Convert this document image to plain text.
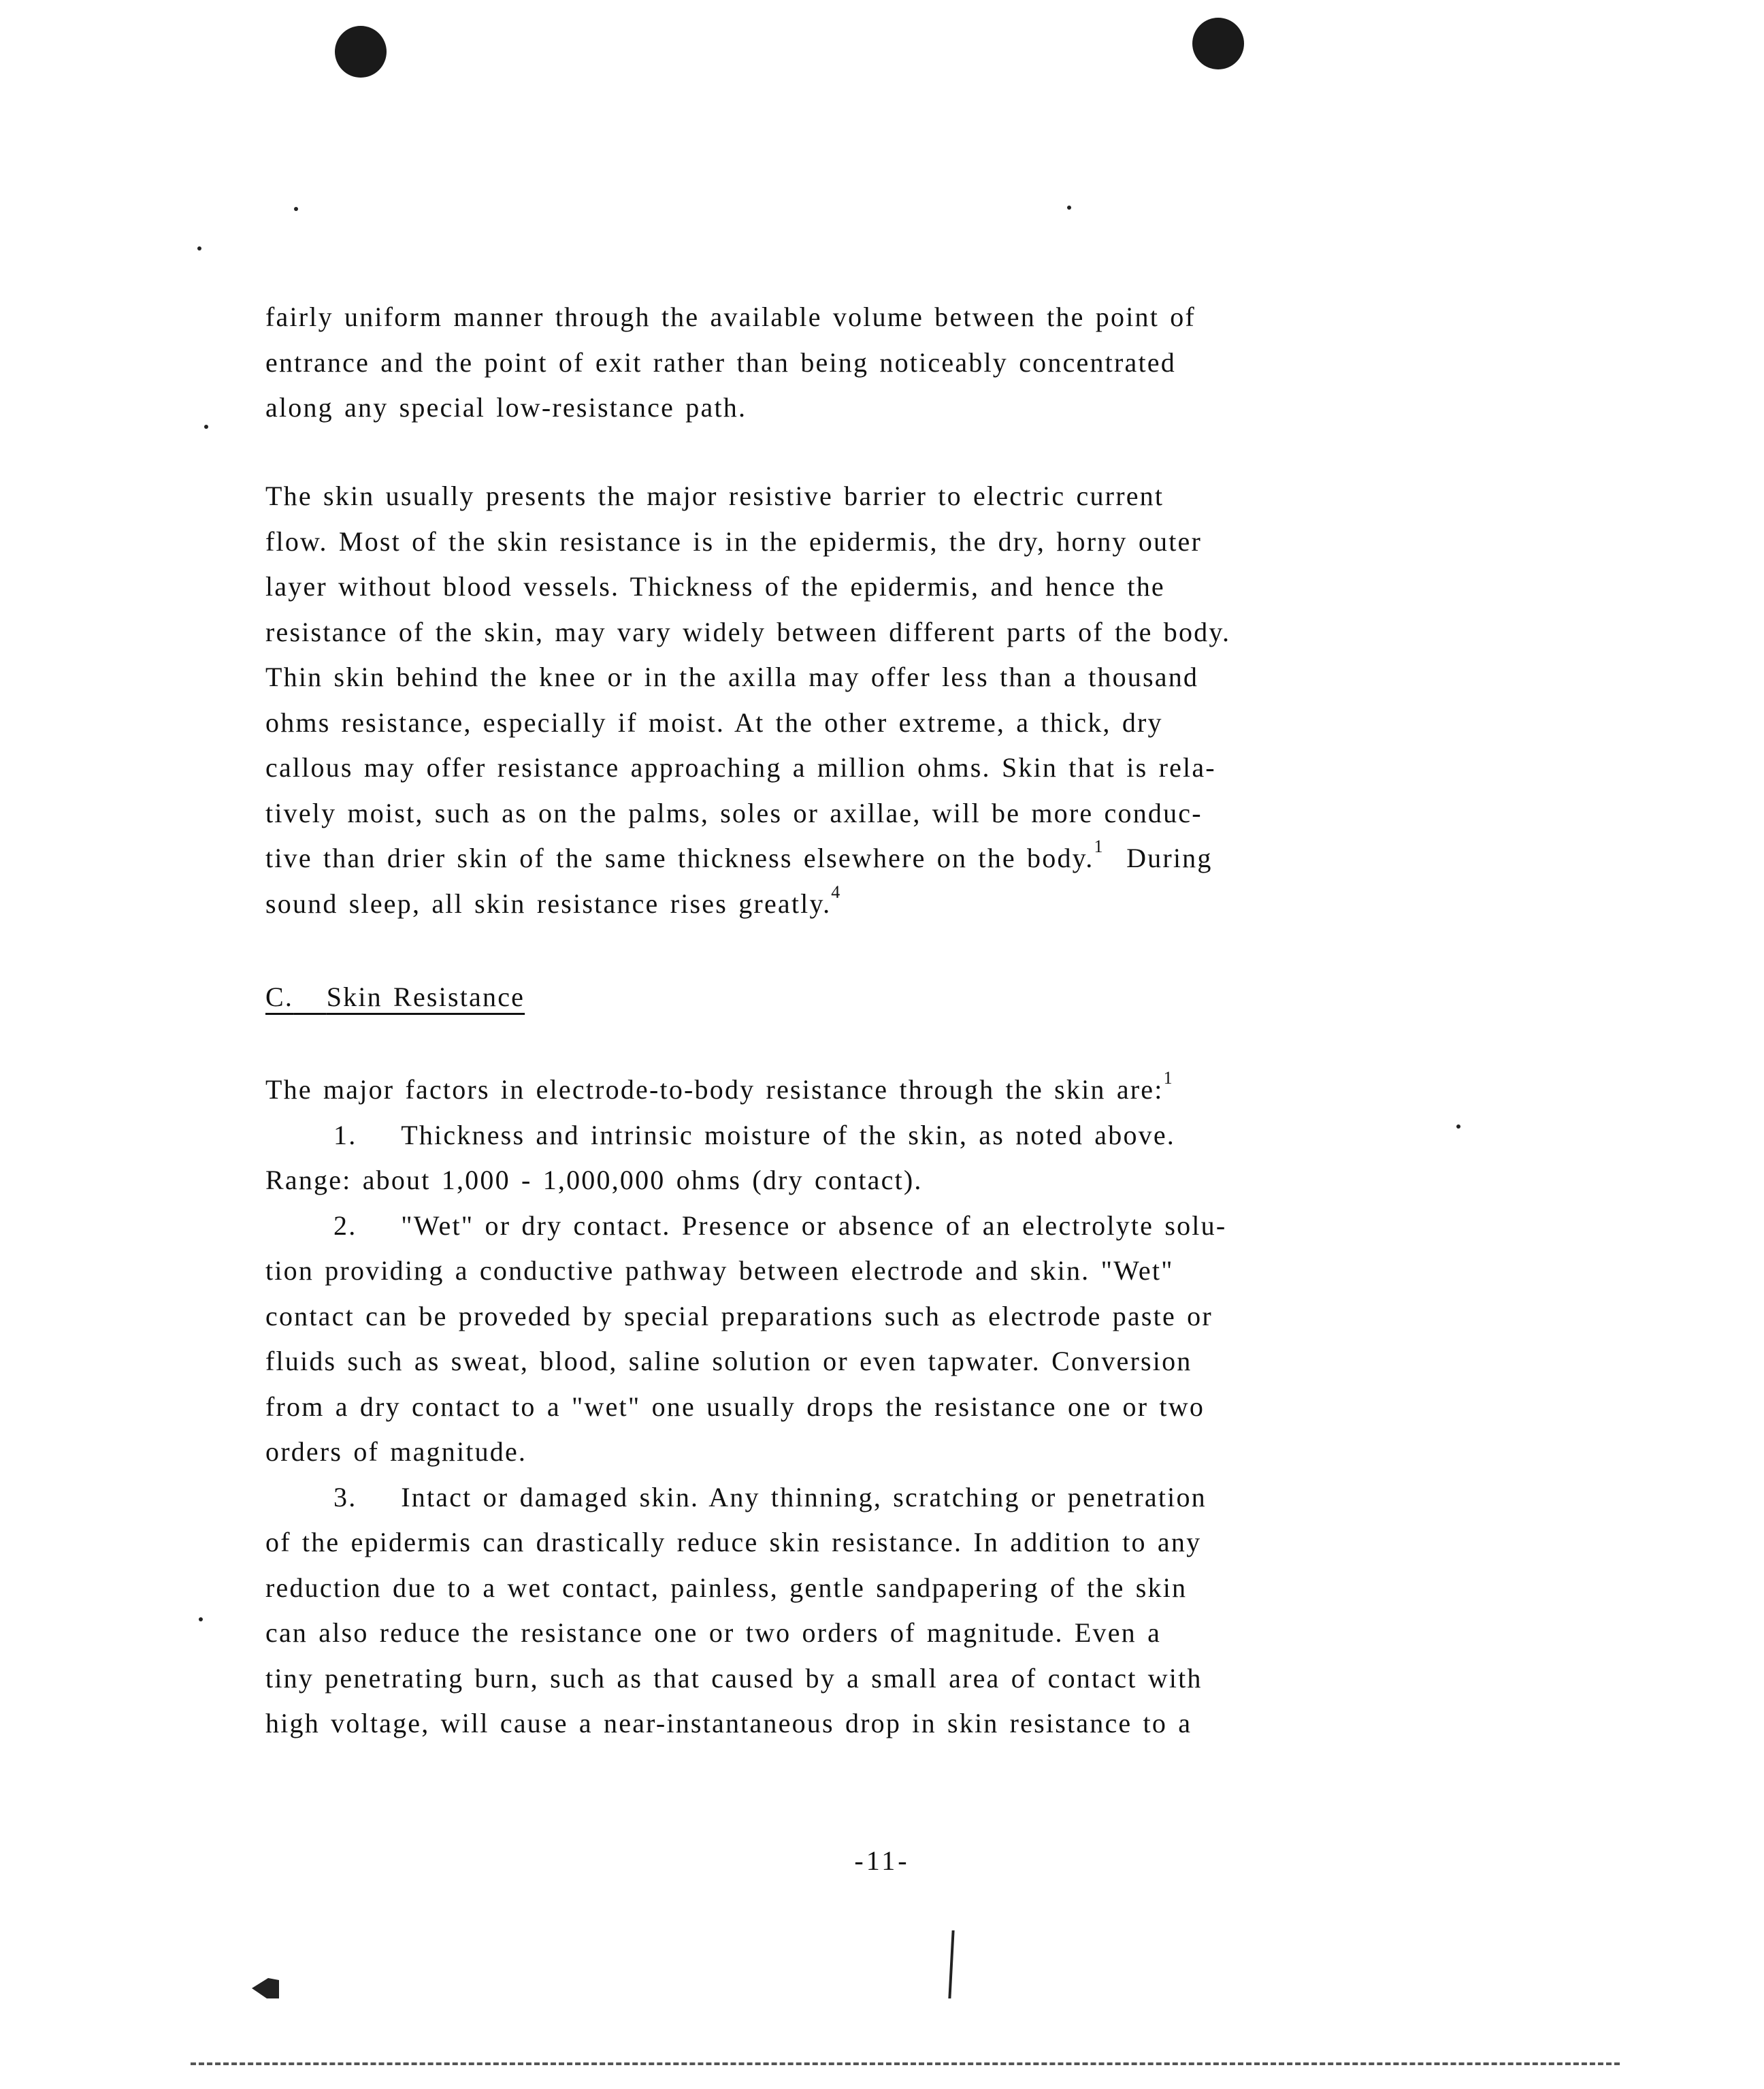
fairly uniform manner through the available volume between the point of
entrance and the point of exit rather than being noticeably concentrated
along any special low-resistance path.
The skin usually presents the major resistive barrier to electric current
flow. Most of the skin resistance is in the epidermis, the dry, horny outer
layer without blood vessels. Thickness of the epidermis, and hence the
resistance of the skin, may vary widely between different parts of the body.
Thin skin behind the knee or in the axilla may offer less than a thousand
ohms resistance, especially if moist. At the other extreme, a thick, dry
callous may offer resistance approaching a million ohms. Skin that is rela-
tively moist, such as on the palms, soles or axillae, will be more conduc-
tive than drier skin of the same thickness elsewhere on the body.$^1$ During
sound sleep, all skin resistance rises greatly.$^4$
C. Skin Resistance
The major factors in electrode-to-body resistance through the skin are:$^1$
1. Thickness and intrinsic moisture of the skin, as noted above.
Range: about 1,000 - 1,000,000 ohms (dry contact).
2. "Wet" or dry contact. Presence or absence of an electrolyte solu-
tion providing a conductive pathway between electrode and skin. "Wet"
contact can be proveded by special preparations such as electrode paste or
fluids such as sweat, blood, saline solution or even tapwater. Conversion
from a dry contact to a "wet" one usually drops the resistance one or two
orders of magnitude.
3. Intact or damaged skin. Any thinning, scratching or penetration
of the epidermis can drastically reduce skin resistance. In addition to any
reduction due to a wet contact, painless, gentle sandpapering of the skin
can also reduce the resistance one or two orders of magnitude. Even a
tiny penetrating burn, such as that caused by a small area of contact with
high voltage, will cause a near-instantaneous drop in skin resistance to a
-11-
